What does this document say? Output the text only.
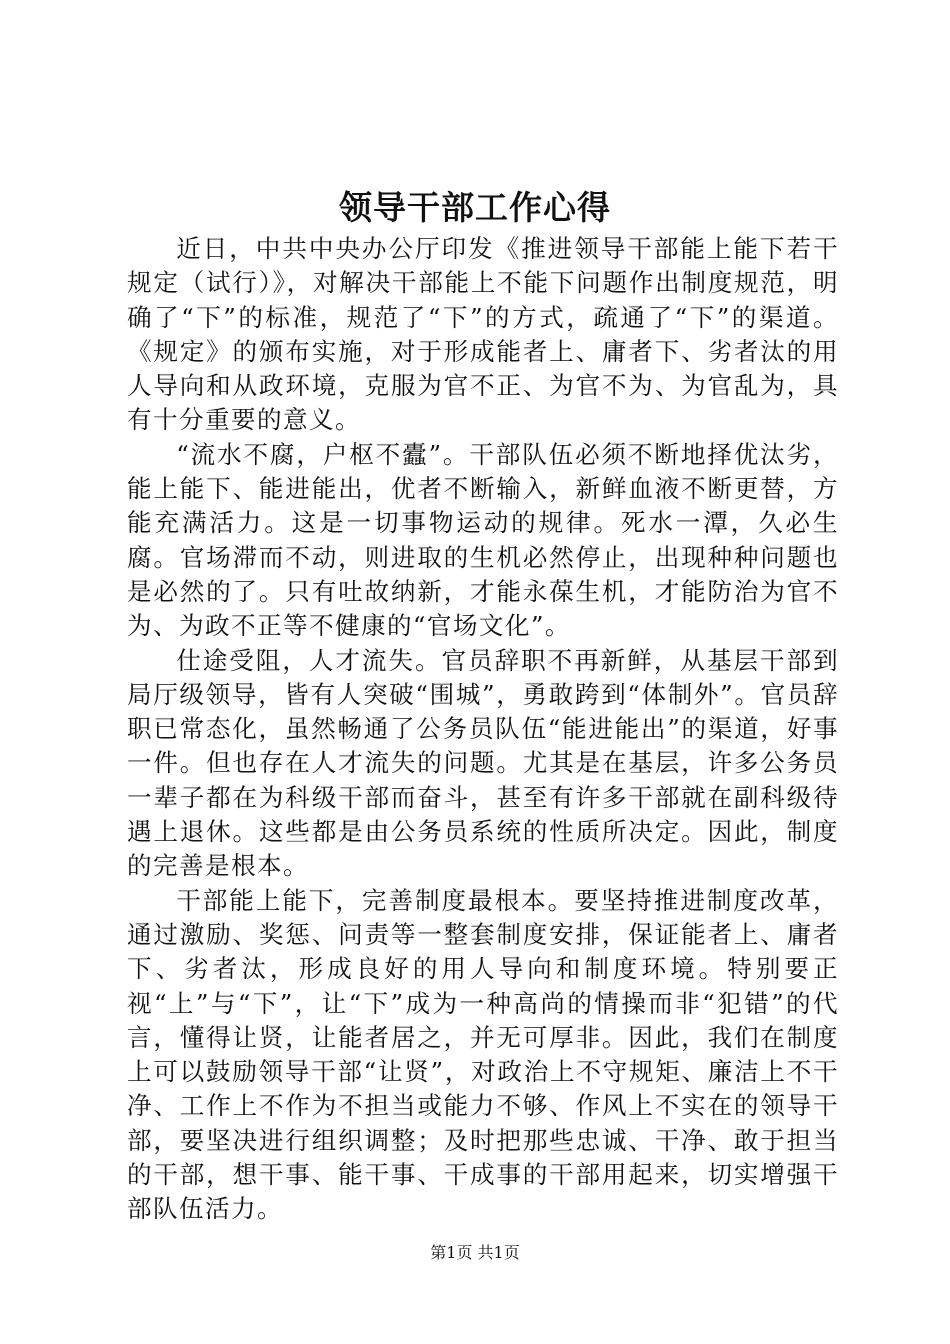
领导干部工作心得

近日，中共中央办公厅印发《推进领导干部能上能下若干规定（试行）》，对解决干部能上不能下问题作出制度规范，明确了“下”的标准，规范了“下”的方式，疏通了“下”的渠道。《规定》的颁布实施，对于形成能者上、庸者下、劣者汰的用人导向和从政环境，克服为官不正、为官不为、为官乱为，具有十分重要的意义。

“流水不腐，户枢不蠹”。干部队伍必须不断地择优汰劣，能上能下、能进能出，优者不断输入，新鲜血液不断更替，方能充满活力。这是一切事物运动的规律。死水一潭，久必生腐。官场滞而不动，则进取的生机必然停止，出现种种问题也是必然的了。只有吐故纳新，才能永葆生机，才能防治为官不为、为政不正等不健康的“官场文化”。

仕途受阻，人才流失。官员辞职不再新鲜，从基层干部到局厅级领导，皆有人突破“围城”，勇敢跨到“体制外”。官员辞职已常态化，虽然畅通了公务员队伍“能进能出”的渠道，好事一件。但也存在人才流失的问题。尤其是在基层，许多公务员一辈子都在为科级干部而奋斗，甚至有许多干部就在副科级待遇上退休。这些都是由公务员系统的性质所决定。因此，制度的完善是根本。

干部能上能下，完善制度最根本。要坚持推进制度改革，通过激励、奖惩、问责等一整套制度安排，保证能者上、庸者下、劣者汰，形成良好的用人导向和制度环境。特别要正视“上”与“下”，让“下”成为一种高尚的情操而非“犯错”的代言，懂得让贤，让能者居之，并无可厚非。因此，我们在制度上可以鼓励领导干部“让贤”，对政治上不守规矩、廉洁上不干净、工作上不作为不担当或能力不够、作风上不实在的领导干部，要坚决进行组织调整；及时把那些忠诚、干净、敢于担当的干部，想干事、能干事、干成事的干部用起来，切实增强干部队伍活力。

第1页 共1页
